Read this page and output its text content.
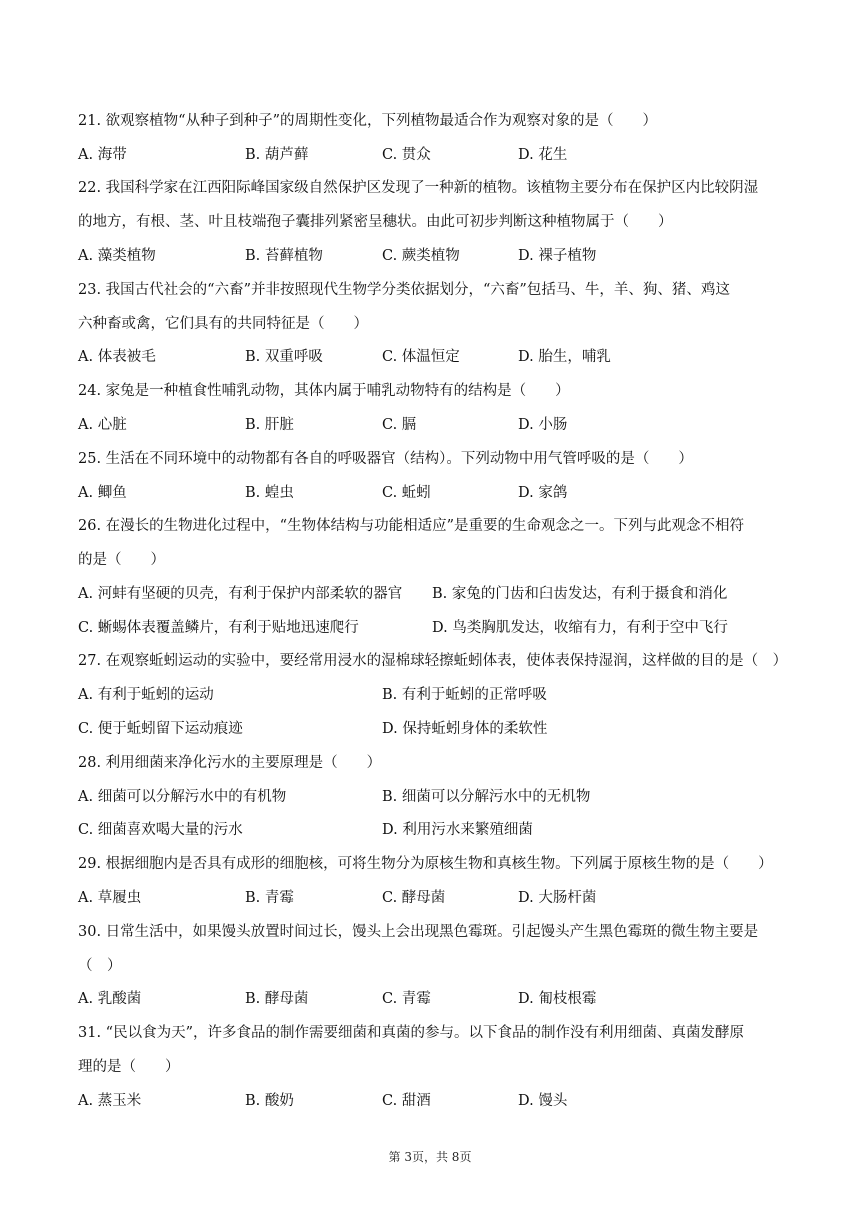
21. 欲观察植物“从种子到种子”的周期性变化，下列植物最适合作为观察对象的是（　　）
A. 海带	B. 葫芦藓	C. 贯众	D. 花生
22. 我国科学家在江西阳际峰国家级自然保护区发现了一种新的植物。该植物主要分布在保护区内比较阴湿
的地方，有根、茎、叶且枝端孢子囊排列紧密呈穗状。由此可初步判断这种植物属于（　　）
A. 藻类植物	B. 苔藓植物	C. 蕨类植物	D. 裸子植物
23. 我国古代社会的“六畜”并非按照现代生物学分类依据划分，“六畜”包括马、牛，羊、狗、猪、鸡这
六种畜或禽，它们具有的共同特征是（　　）
A. 体表被毛	B. 双重呼吸	C. 体温恒定	D. 胎生，哺乳
24. 家兔是一种植食性哺乳动物，其体内属于哺乳动物特有的结构是（　　）
A. 心脏	B. 肝脏	C. 膈	D. 小肠
25. 生活在不同环境中的动物都有各自的呼吸器官（结构）。下列动物中用气管呼吸的是（　　）
A. 鲫鱼	B. 蝗虫	C. 蚯蚓	D. 家鸽
26. 在漫长的生物进化过程中，“生物体结构与功能相适应”是重要的生命观念之一。下列与此观念不相符
的是（　　）
A. 河蚌有坚硬的贝壳，有利于保护内部柔软的器官 B. 家兔的门齿和臼齿发达，有利于摄食和消化
C. 蜥蜴体表覆盖鳞片，有利于贴地迅速爬行	D. 鸟类胸肌发达，收缩有力，有利于空中飞行
27. 在观察蚯蚓运动的实验中，要经常用浸水的湿棉球轻擦蚯蚓体表，使体表保持湿润，这样做的目的是（　）
A. 有利于蚯蚓的运动	B. 有利于蚯蚓的正常呼吸
C. 便于蚯蚓留下运动痕迹	D. 保持蚯蚓身体的柔软性
28. 利用细菌来净化污水的主要原理是（　　）
A. 细菌可以分解污水中的有机物	B. 细菌可以分解污水中的无机物
C. 细菌喜欢喝大量的污水	D. 利用污水来繁殖细菌
29. 根据细胞内是否具有成形的细胞核，可将生物分为原核生物和真核生物。下列属于原核生物的是（　　）
A. 草履虫	B. 青霉	C. 酵母菌	D. 大肠杆菌
30. 日常生活中，如果馒头放置时间过长，馒头上会出现黑色霉斑。引起馒头产生黑色霉斑的微生物主要是
（　）
A. 乳酸菌	B. 酵母菌	C. 青霉	D. 匍枝根霉
31. “民以食为天”，许多食品的制作需要细菌和真菌的参与。以下食品的制作没有利用细菌、真菌发酵原
理的是（　　）
A. 蒸玉米	B. 酸奶	C. 甜酒	D. 馒头
第 3页，共 8页
